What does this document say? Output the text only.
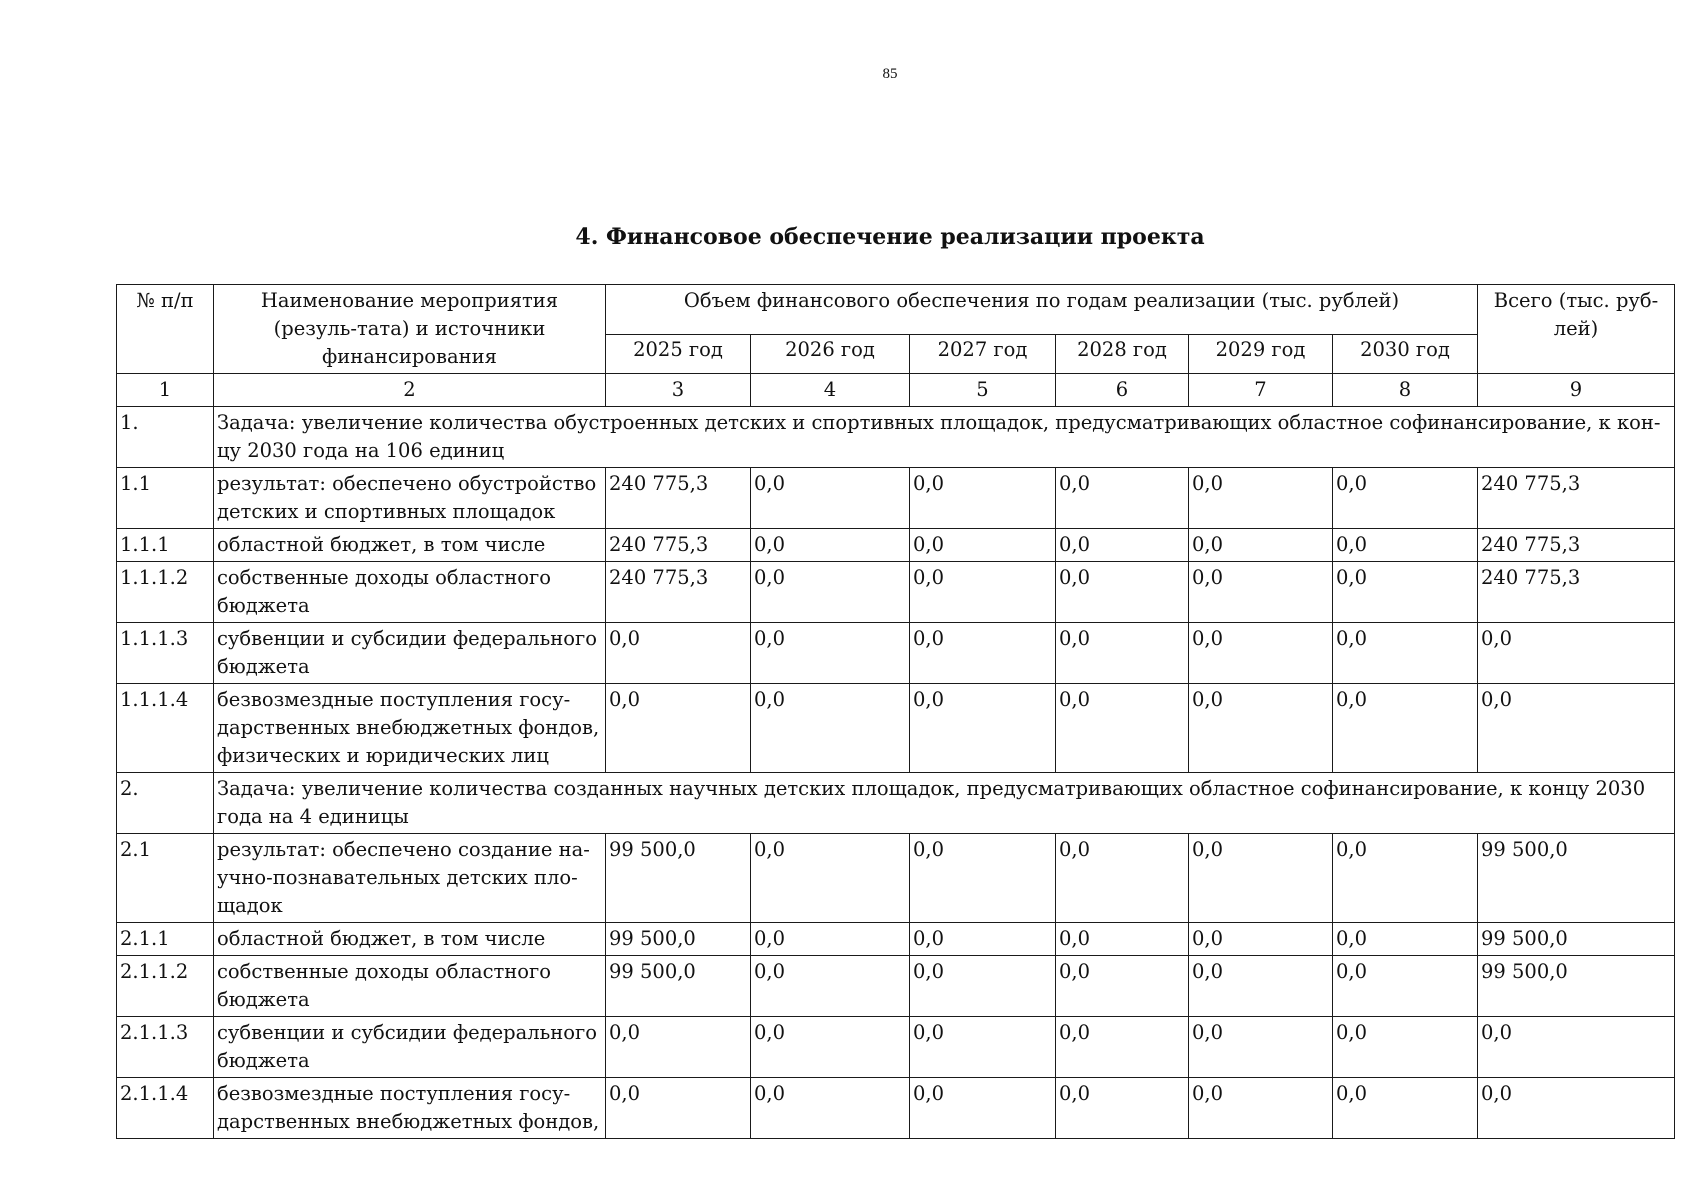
85
4. Финансовое обеспечение реализации проекта
№ п/п	Наименование мероприятия (резуль-тата) и источники финансирования	Объем финансового обеспечения по годам реализации (тыс. рублей)						Всего (тыс. руб-лей)
		2025 год	2026 год	2027 год	2028 год	2029 год	2030 год	
1	2	3	4	5	6	7	8	9
1.	Задача: увеличение количества обустроенных детских и спортивных площадок, предусматривающих областное софинансирование, к кон-цу 2030 года на 106 единиц							
1.1	результат: обеспечено обустройство детских и спортивных площадок	240 775,3	0,0	0,0	0,0	0,0	0,0	240 775,3
1.1.1	областной бюджет, в том числе	240 775,3	0,0	0,0	0,0	0,0	0,0	240 775,3
1.1.1.2	собственные доходы областного бюджета	240 775,3	0,0	0,0	0,0	0,0	0,0	240 775,3
1.1.1.3	субвенции и субсидии федерального бюджета	0,0	0,0	0,0	0,0	0,0	0,0	0,0
1.1.1.4	безвозмездные поступления госу-дарственных внебюджетных фондов, физических и юридических лиц	0,0	0,0	0,0	0,0	0,0	0,0	0,0
2.	Задача: увеличение количества созданных научных детских площадок, предусматривающих областное софинансирование, к концу 2030 года на 4 единицы							
2.1	результат: обеспечено создание на-учно-познавательных детских пло-щадок	99 500,0	0,0	0,0	0,0	0,0	0,0	99 500,0
2.1.1	областной бюджет, в том числе	99 500,0	0,0	0,0	0,0	0,0	0,0	99 500,0
2.1.1.2	собственные доходы областного бюджета	99 500,0	0,0	0,0	0,0	0,0	0,0	99 500,0
2.1.1.3	субвенции и субсидии федерального бюджета	0,0	0,0	0,0	0,0	0,0	0,0	0,0
2.1.1.4	безвозмездные поступления госу-дарственных внебюджетных фондов,	0,0	0,0	0,0	0,0	0,0	0,0	0,0
